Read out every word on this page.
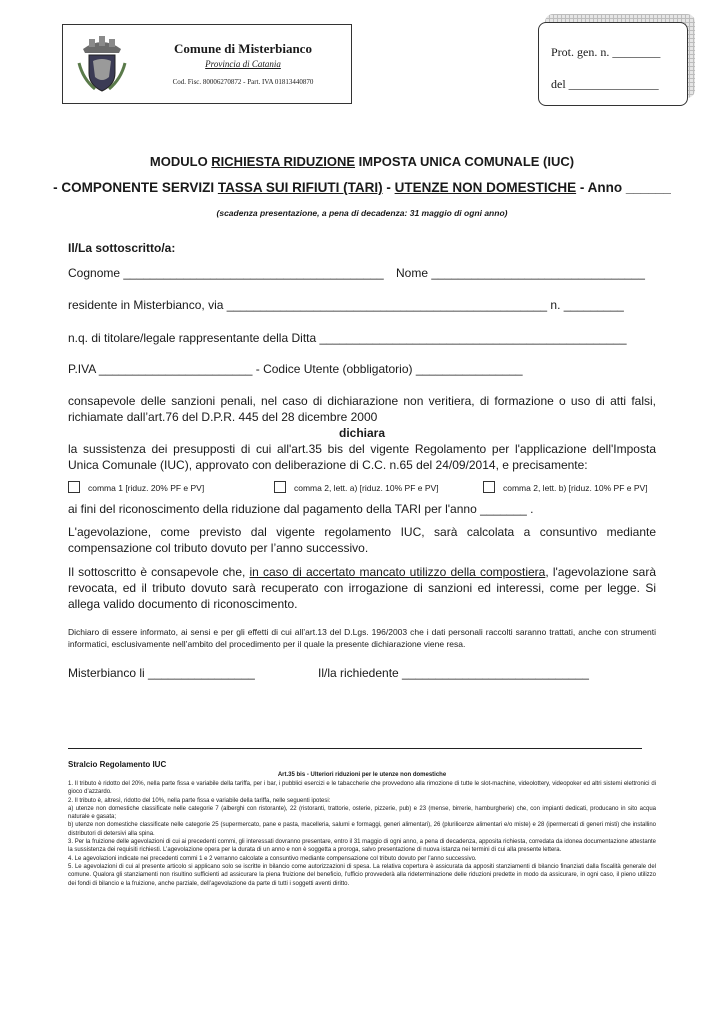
Comune di Misterbianco
Provincia di Catania
Cod. Fisc. 80006270872 - Part. IVA 01813440870
Prot. gen. n. ________
del _______________
MODULO RICHIESTA RIDUZIONE IMPOSTA UNICA COMUNALE (IUC)
- COMPONENTE SERVIZI TASSA SUI RIFIUTI (TARI) - UTENZE NON DOMESTICHE - Anno ______
(scadenza presentazione, a pena di decadenza: 31 maggio di ogni anno)
Il/La sottoscritto/a:
Cognome _______________________________________ Nome ________________________________
residente in Misterbianco, via ________________________________________________ n. _________
n.q. di titolare/legale rappresentante della Ditta ______________________________________________
P.IVA _______________________ - Codice Utente (obbligatorio) ________________
consapevole delle sanzioni penali, nel caso di dichiarazione non veritiera, di formazione o uso di atti falsi, richiamate dall’art.76 del D.P.R. 445 del 28 dicembre 2000
dichiara
la sussistenza dei presupposti di cui all'art.35 bis del vigente Regolamento per l'applicazione dell'Imposta Unica Comunale (IUC), approvato con deliberazione di C.C. n.65 del 24/09/2014, e precisamente:
comma 1 [riduz. 20% PF e PV]	comma 2, lett. a) [riduz. 10% PF e PV]	comma 2, lett. b) [riduz. 10% PF e PV]
ai fini del riconoscimento della riduzione dal pagamento della TARI per l'anno _______ .
L'agevolazione, come previsto dal vigente regolamento IUC, sarà calcolata a consuntivo mediante compensazione col tributo dovuto per l’anno successivo.
Il sottoscritto è consapevole che, in caso di accertato mancato utilizzo della compostiera, l'agevolazione sarà revocata, ed il tributo dovuto sarà recuperato con irrogazione di sanzioni ed interessi, come per legge. Si allega valido documento di riconoscimento.
Dichiaro di essere informato, ai sensi e per gli effetti di cui all’art.13 del D.Lgs. 196/2003 che i dati personali raccolti saranno trattati, anche con strumenti informatici, esclusivamente nell’ambito del procedimento per il quale la presente dichiarazione viene resa.
Misterbianco li ________________	Il/la richiedente ____________________________
Stralcio Regolamento IUC
Art.35 bis - Ulteriori riduzioni per le utenze non domestiche

1. Il tributo è ridotto del 20%, nella parte fissa e variabile della tariffa, per i bar, i pubblici esercizi e le tabaccherie che provvedono alla rimozione di tutte le slot-machine, videolottery, videopoker ed altri sistemi elettronici di gioco d’azzardo.

2. Il tributo è, altresì, ridotto del 10%, nella parte fissa e variabile della tariffa, nelle seguenti ipotesi:

a) utenze non domestiche classificate nelle categorie 7 (alberghi con ristorante), 22 (ristoranti, trattorie, osterie, pizzerie, pub) e 23 (mense, birrerie, hamburgherie) che, con impianti dedicati, producano in sito acqua naturale e gasata;

b) utenze non domestiche classificate nelle categorie 25 (supermercato, pane e pasta, macelleria, salumi e formaggi, generi alimentari), 26 (plurilicenze alimentari e/o miste) e 28 (ipermercati di generi misti) che installino distributori di detersivi alla spina.

3. Per la fruizione delle agevolazioni di cui ai precedenti commi, gli interessati dovranno presentare, entro il 31 maggio di ogni anno, a pena di decadenza, apposita richiesta, corredata da idonea documentazione attestante la sussistenza dei requisiti richiesti. L’agevolazione opera per la durata di un anno e non è soggetta a proroga, salvo presentazione di nuova istanza nei termini di cui alla presente lettera.

4. Le agevolazioni indicate nei precedenti commi 1 e 2 verranno calcolate a consuntivo mediante compensazione col tributo dovuto per l’anno successivo.

5. Le agevolazioni di cui al presente articolo si applicano solo se iscritte in bilancio come autorizzazioni di spesa. La relativa copertura è assicurata da appositi stanziamenti di bilancio finanziati dalla fiscalità generale del comune. Qualora gli stanziamenti non risultino sufficienti ad assicurare la piena fruizione del beneficio, l’ufficio provvederà alla rideterminazione delle riduzioni predette in modo da assicurare, in ogni caso, il pieno utilizzo dei fondi di bilancio e la fruizione, anche parziale, dell’agevolazione da parte di tutti i soggetti aventi diritto.
